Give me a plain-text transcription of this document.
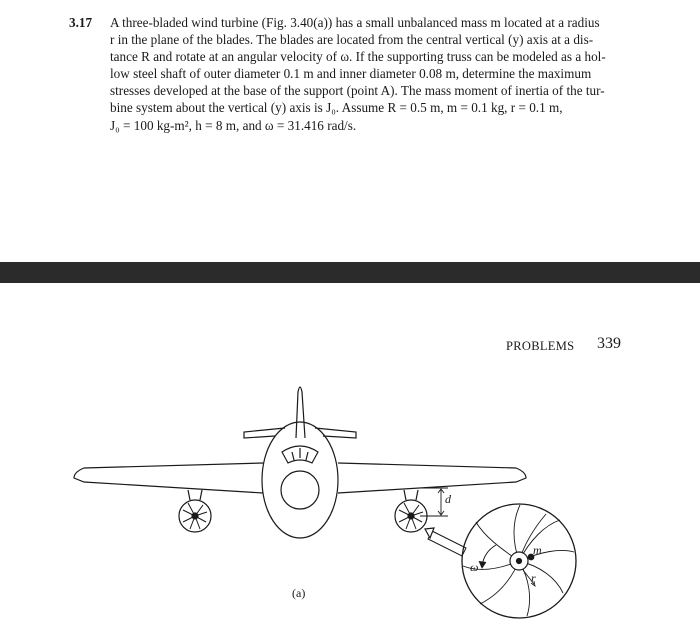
3.17	A three-bladed wind turbine (Fig. 3.40(a)) has a small unbalanced mass m located at a radius
r in the plane of the blades. The blades are located from the central vertical (y) axis at a dis-
tance R and rotate at an angular velocity of ω. If the supporting truss can be modeled as a hol-
low steel shaft of outer diameter 0.1 m and inner diameter 0.08 m, determine the maximum
stresses developed at the base of the support (point A). The mass moment of inertia of the tur-
bine system about the vertical (y) axis is J₀. Assume R = 0.5 m, m = 0.1 kg, r = 0.1 m,
J₀ = 100 kg-m², h = 8 m, and ω = 31.416 rad/s.
PROBLEMS 339
d
ω
m
r
(a)
